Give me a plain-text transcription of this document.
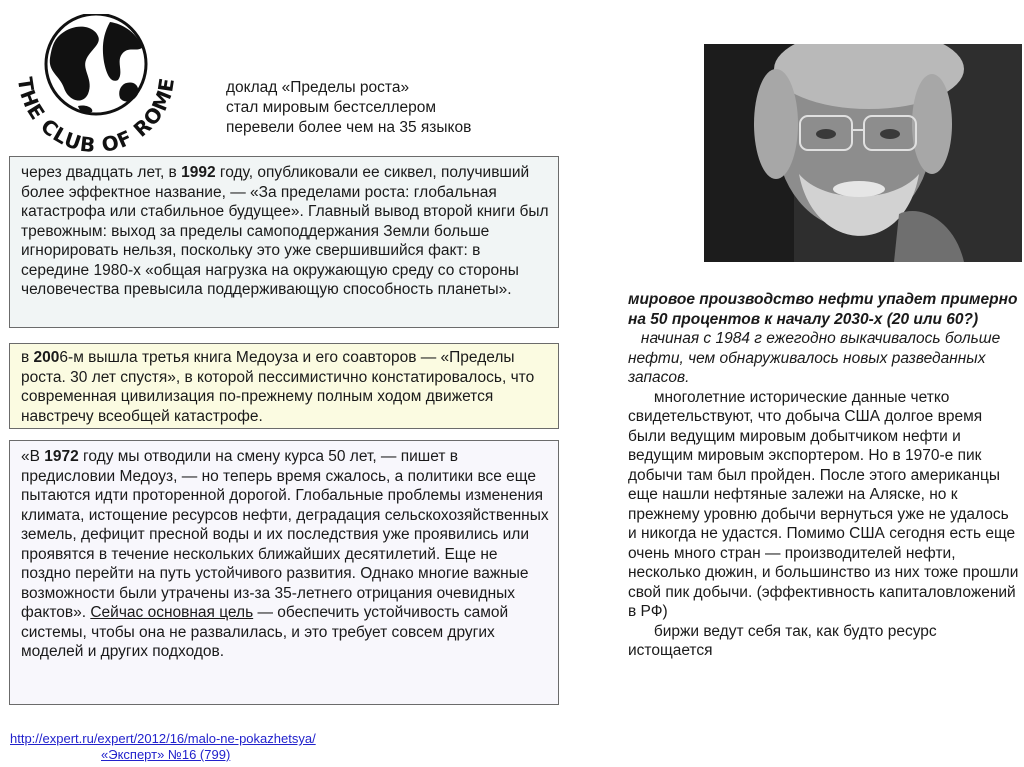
THE CLUB OF ROME	доклад «Пределы роста»
стал мировым бестселлером
перевели более чем на 35 языков

через двадцать лет, в 1992 году, опубликовали ее сиквел, получивший более эффектное название, — «За пределами роста: глобальная катастрофа или стабильное будущее». Главный вывод второй книги был тревожным: выход за пределы самоподдержания Земли больше игнорировать нельзя, поскольку это уже свершившийся факт: в середине 1980-х «общая нагрузка на окружающую среду со стороны человечества превысила поддерживающую способность планеты».

в 2006-м вышла третья книга Медоуза и его соавторов — «Пределы роста. 30 лет спустя», в которой пессимистично констатировалось, что современная цивилизация по-прежнему полным ходом движется навстречу всеобщей катастрофе.

«В 1972 году мы отводили на смену курса 50 лет, — пишет в предисловии Медоуз, — но теперь время сжалось, а политики все еще пытаются идти проторенной дорогой. Глобальные проблемы изменения климата, истощение ресурсов нефти, деградация сельскохозяйственных земель, дефицит пресной воды и их последствия уже проявились или проявятся в течение нескольких ближайших десятилетий. Еще не поздно перейти на путь устойчивого развития. Однако многие важные возможности были утрачены из-за 35-летнего отрицания очевидных фактов». Сейчас основная цель — обеспечить устойчивость самой системы, чтобы она не развалилась, и это требует совсем других моделей и других подходов.

мировое производство нефти упадет примерно на 50 процентов к началу 2030-х (20 или 60?)

начиная с 1984 г ежегодно выкачивалось больше нефти, чем обнаруживалось новых разведанных запасов.

многолетние исторические данные четко свидетельствуют, что добыча США долгое время были ведущим мировым добытчиком нефти и ведущим мировым экспортером. Но в 1970-е пик добычи там был пройден. После этого американцы еще нашли нефтяные залежи на Аляске, но к прежнему уровню добычи вернуться уже не удалось и никогда не удастся. Помимо США сегодня есть еще очень много стран — производителей нефти, несколько дюжин, и большинство из них тоже прошли свой пик добычи. (эффективность капиталовложений в РФ)

биржи ведут себя так, как будто ресурс истощается

http://expert.ru/expert/2012/16/malo-ne-pokazhetsya/
«Эксперт» №16 (799)
